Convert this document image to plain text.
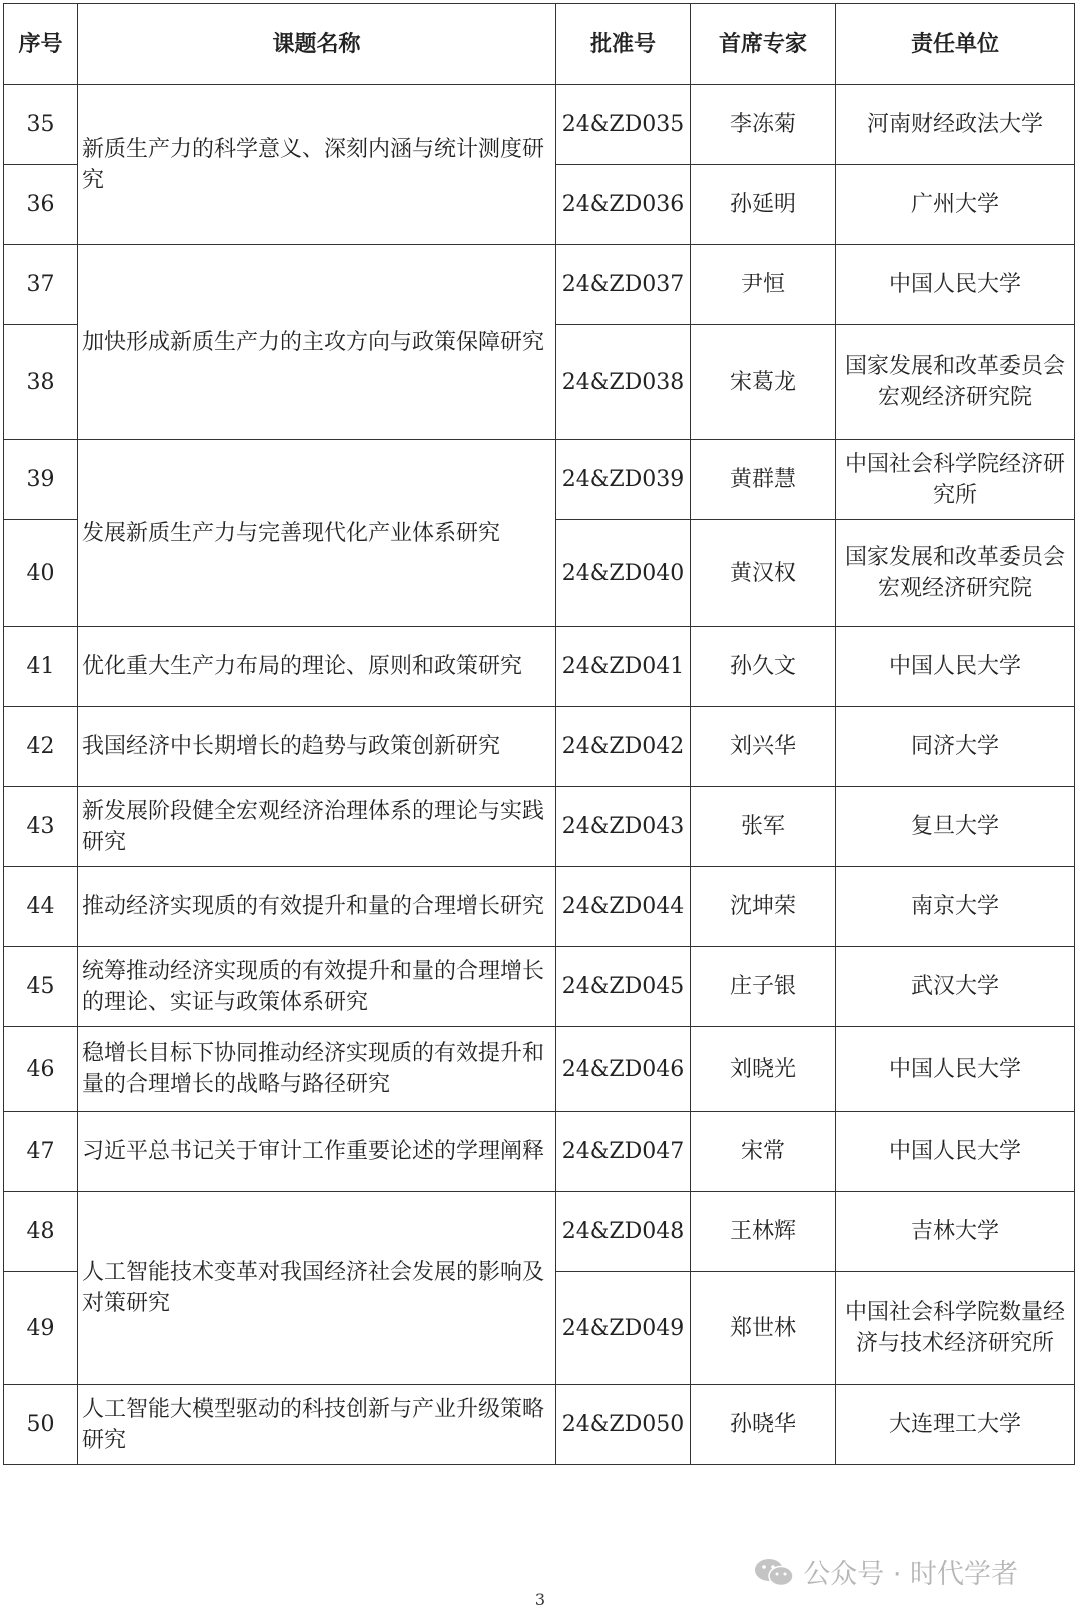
序号	课题名称	批准号	首席专家	责任单位
35	新质生产力的科学意义、深刻内涵与统计测度研究	24&ZD035	李冻菊	河南财经政法大学
36		24&ZD036	孙延明	广州大学
37	加快形成新质生产力的主攻方向与政策保障研究	24&ZD037	尹恒	中国人民大学
38		24&ZD038	宋葛龙	国家发展和改革委员会宏观经济研究院
39	发展新质生产力与完善现代化产业体系研究	24&ZD039	黄群慧	中国社会科学院经济研究所
40		24&ZD040	黄汉权	国家发展和改革委员会宏观经济研究院
41	优化重大生产力布局的理论、原则和政策研究	24&ZD041	孙久文	中国人民大学
42	我国经济中长期增长的趋势与政策创新研究	24&ZD042	刘兴华	同济大学
43	新发展阶段健全宏观经济治理体系的理论与实践研究	24&ZD043	张军	复旦大学
44	推动经济实现质的有效提升和量的合理增长研究	24&ZD044	沈坤荣	南京大学
45	统筹推动经济实现质的有效提升和量的合理增长的理论、实证与政策体系研究	24&ZD045	庄子银	武汉大学
46	稳增长目标下协同推动经济实现质的有效提升和量的合理增长的战略与路径研究	24&ZD046	刘晓光	中国人民大学
47	习近平总书记关于审计工作重要论述的学理阐释	24&ZD047	宋常	中国人民大学
48	人工智能技术变革对我国经济社会发展的影响及对策研究	24&ZD048	王林辉	吉林大学
49		24&ZD049	郑世林	中国社会科学院数量经济与技术经济研究所
50	人工智能大模型驱动的科技创新与产业升级策略研究	24&ZD050	孙晓华	大连理工大学
公众号 · 时代学者
3
